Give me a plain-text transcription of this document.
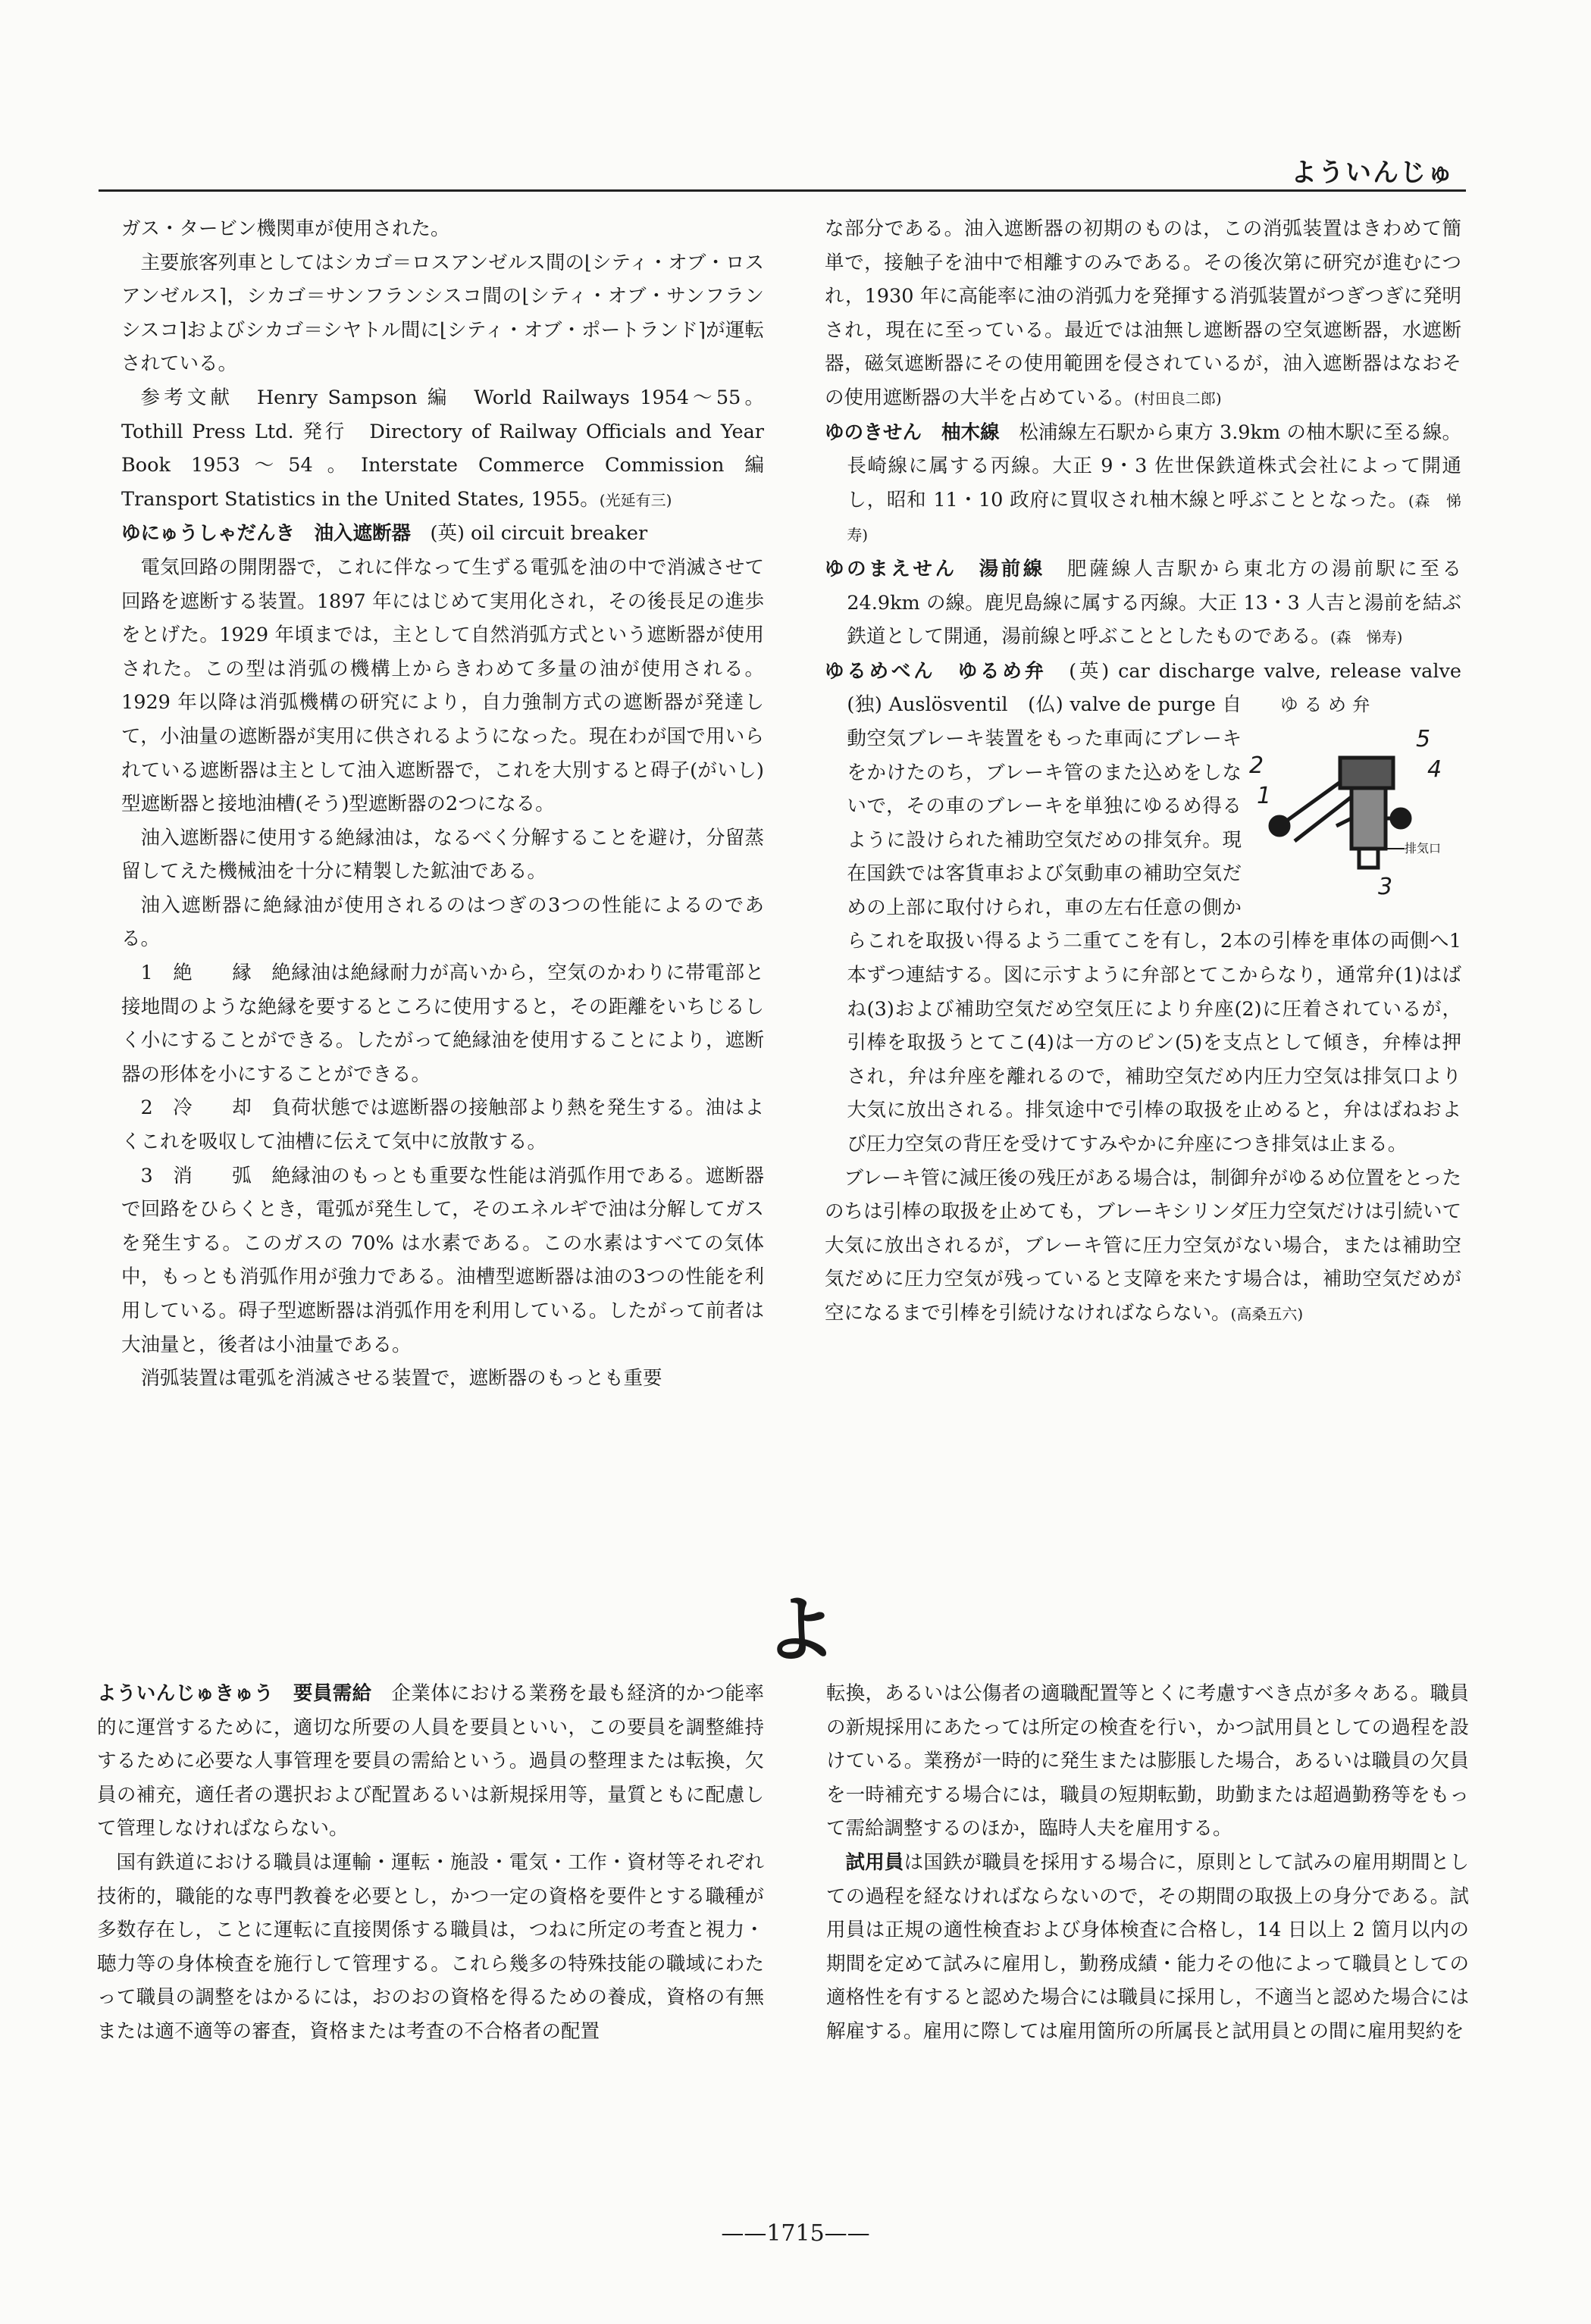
よういんじゅ

ガス・タービン機関車が使用された。

主要旅客列車としてはシカゴ＝ロスアンゼルス間の⌊シティ・オブ・ロスアンゼルス⌉，シカゴ＝サンフランシスコ間の⌊シティ・オブ・サンフランシスコ⌉およびシカゴ＝シヤトル間に⌊シティ・オブ・ポートランド⌉が運転されている。

参考文献　Henry Sampson 編　World Railways 1954～55。Tothill Press Ltd. 発行　Directory of Railway Officials and Year Book 1953～54。Interstate Commerce Commission 編　Transport Statistics in the United States, 1955。(光延有三)

ゆにゅうしゃだんき　油入遮断器　 (英) oil circuit breaker

電気回路の開閉器で，これに伴なって生ずる電弧を油の中で消滅させて回路を遮断する装置。1897 年にはじめて実用化され，その後長足の進歩をとげた。1929 年頃までは，主として自然消弧方式という遮断器が使用された。この型は消弧の機構上からきわめて多量の油が使用される。1929 年以降は消弧機構の研究により，自力強制方式の遮断器が発達して，小油量の遮断器が実用に供されるようになった。現在わが国で用いられている遮断器は主として油入遮断器で，これを大別すると碍子(がいし)型遮断器と接地油槽(そう)型遮断器の2つになる。

油入遮断器に使用する絶縁油は，なるべく分解することを避け，分留蒸留してえた機械油を十分に精製した鉱油である。

油入遮断器に絶縁油が使用されるのはつぎの3つの性能によるのである。

1　絶　　縁　絶縁油は絶縁耐力が高いから，空気のかわりに帯電部と接地間のような絶縁を要するところに使用すると，その距離をいちじるしく小にすることができる。したがって絶縁油を使用することにより，遮断器の形体を小にすることができる。

2　冷　　却　負荷状態では遮断器の接触部より熱を発生する。油はよくこれを吸収して油槽に伝えて気中に放散する。

3　消　　弧　絶縁油のもっとも重要な性能は消弧作用である。遮断器で回路をひらくとき，電弧が発生して，そのエネルギで油は分解してガスを発生する。このガスの 70% は水素である。この水素はすべての気体中，もっとも消弧作用が強力である。油槽型遮断器は油の3つの性能を利用している。碍子型遮断器は消弧作用を利用している。したがって前者は大油量と，後者は小油量である。

消弧装置は電弧を消滅させる装置で，遮断器のもっとも重要

な部分である。油入遮断器の初期のものは，この消弧装置はきわめて簡単で，接触子を油中で相離すのみである。その後次第に研究が進むにつれ，1930 年に高能率に油の消弧力を発揮する消弧装置がつぎつぎに発明され，現在に至っている。最近では油無し遮断器の空気遮断器，水遮断器，磁気遮断器にその使用範囲を侵されているが，油入遮断器はなおその使用遮断器の大半を占めている。(村田良二郎)

ゆのきせん　柚木線　 松浦線左石駅から東方 3.9km の柚木駅に至る線。長崎線に属する丙線。大正 9・3 佐世保鉄道株式会社によって開通し，昭和 11・10 政府に買収され柚木線と呼ぶこととなった。(森　悌寿)

ゆのまえせん　湯前線　 肥薩線人吉駅から東北方の湯前駅に至る 24.9km の線。鹿児島線に属する丙線。大正 13・3 人吉と湯前を結ぶ鉄道として開通，湯前線と呼ぶこととしたものである。(森　悌寿)

ゆるめべん　ゆるめ弁　 (英) car discharge valve, release valve　(独) Auslösventil　(仏) valve de purge	ゆ る め 弁
1
2
3
4
5
排気口
自動空気ブレーキ装置をもった車両にブレーキをかけたのち，ブレーキ管のまた込めをしないで，その車のブレーキを単独にゆるめ得るように設けられた補助空気だめの排気弁。現在国鉄では客貨車および気動車の補助空気だめの上部に取付けられ，車の左右任意の側からこれを取扱い得るよう二重てこを有し，2本の引棒を車体の両側へ1本ずつ連結する。図に示すように弁部とてこからなり，通常弁(1)はばね(3)および補助空気だめ空気圧により弁座(2)に圧着されているが，引棒を取扱うとてこ(4)は一方のピン(5)を支点として傾き，弁棒は押され，弁は弁座を離れるので，補助空気だめ内圧力空気は排気口より大気に放出される。排気途中で引棒の取扱を止めると，弁はばねおよび圧力空気の背圧を受けてすみやかに弁座につき排気は止まる。

ブレーキ管に減圧後の残圧がある場合は，制御弁がゆるめ位置をとったのちは引棒の取扱を止めても，ブレーキシリンダ圧力空気だけは引続いて大気に放出されるが，ブレーキ管に圧力空気がない場合，または補助空気だめに圧力空気が残っていると支障を来たす場合は，補助空気だめが空になるまで引棒を引続けなければならない。(高桑五六)

よ

よういんじゅきゅう　要員需給　 企業体における業務を最も経済的かつ能率的に運営するために，適切な所要の人員を要員といい，この要員を調整維持するために必要な人事管理を要員の需給という。過員の整理または転換，欠員の補充，適任者の選択および配置あるいは新規採用等，量質ともに配慮して管理しなければならない。

国有鉄道における職員は運輸・運転・施設・電気・工作・資材等それぞれ技術的，職能的な専門教養を必要とし，かつ一定の資格を要件とする職種が多数存在し，ことに運転に直接関係する職員は，つねに所定の考査と視力・聴力等の身体検査を施行して管理する。これら幾多の特殊技能の職域にわたって職員の調整をはかるには，おのおの資格を得るための養成，資格の有無または適不適等の審査，資格または考査の不合格者の配置

転換，あるいは公傷者の適職配置等とくに考慮すべき点が多々ある。職員の新規採用にあたっては所定の検査を行い，かつ試用員としての過程を設けている。業務が一時的に発生または膨脹した場合，あるいは職員の欠員を一時補充する場合には，職員の短期転勤，助勤または超過勤務等をもって需給調整するのほか，臨時人夫を雇用する。

試用員は国鉄が職員を採用する場合に，原則として試みの雇用期間としての過程を経なければならないので，その期間の取扱上の身分である。試用員は正規の適性検査および身体検査に合格し，14 日以上 2 箇月以内の期間を定めて試みに雇用し，勤務成績・能力その他によって職員としての適格性を有すると認めた場合には職員に採用し，不適当と認めた場合には解雇する。雇用に際しては雇用箇所の所属長と試用員との間に雇用契約を

——1715——
